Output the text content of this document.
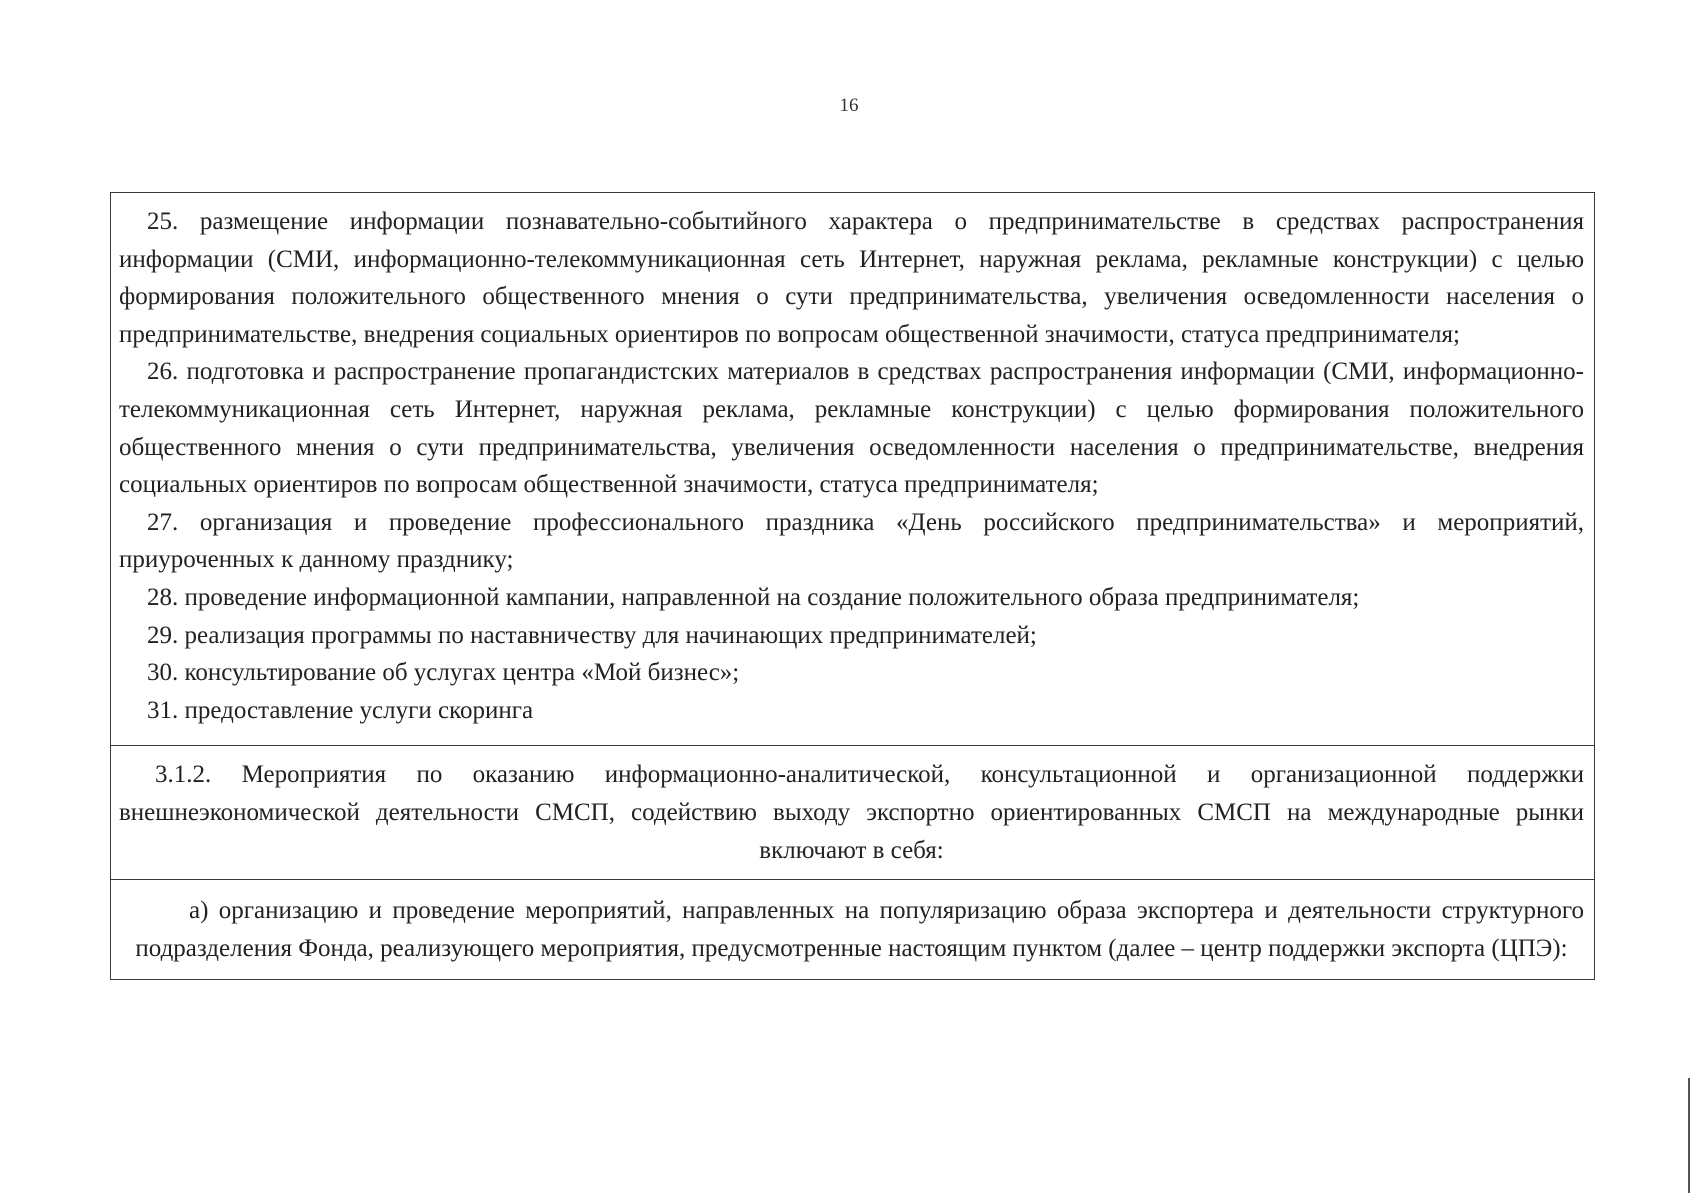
16

25. размещение информации познавательно-событийного характера о предпринимательстве в средствах распространения информации (СМИ, информационно-телекоммуникационная сеть Интернет, наружная реклама, рекламные конструкции) с целью формирования положительного общественного мнения о сути предпринимательства, увеличения осведомленности населения о предпринимательстве, внедрения социальных ориентиров по вопросам общественной значимости, статуса предпринимателя;

26. подготовка и распространение пропагандистских материалов в средствах распространения информации (СМИ, информационно-телекоммуникационная сеть Интернет, наружная реклама, рекламные конструкции) с целью формирования положительного общественного мнения о сути предпринимательства, увеличения осведомленности населения о предпринимательстве, внедрения социальных ориентиров по вопросам общественной значимости, статуса предпринимателя;

27. организация и проведение профессионального праздника «День российского предпринимательства» и мероприятий, приуроченных к данному празднику;

28. проведение информационной кампании, направленной на создание положительного образа предпринимателя;

29. реализация программы по наставничеству для начинающих предпринимателей;

30. консультирование об услугах центра «Мой бизнес»;

31. предоставление услуги скоринга

3.1.2. Мероприятия по оказанию информационно-аналитической, консультационной и организационной поддержки внешнеэкономической деятельности СМСП, содействию выходу экспортно ориентированных СМСП на международные рынки включают в себя:

а) организацию и проведение мероприятий, направленных на популяризацию образа экспортера и деятельности структурного подразделения Фонда, реализующего мероприятия, предусмотренные настоящим пунктом (далее – центр поддержки экспорта (ЦПЭ):
